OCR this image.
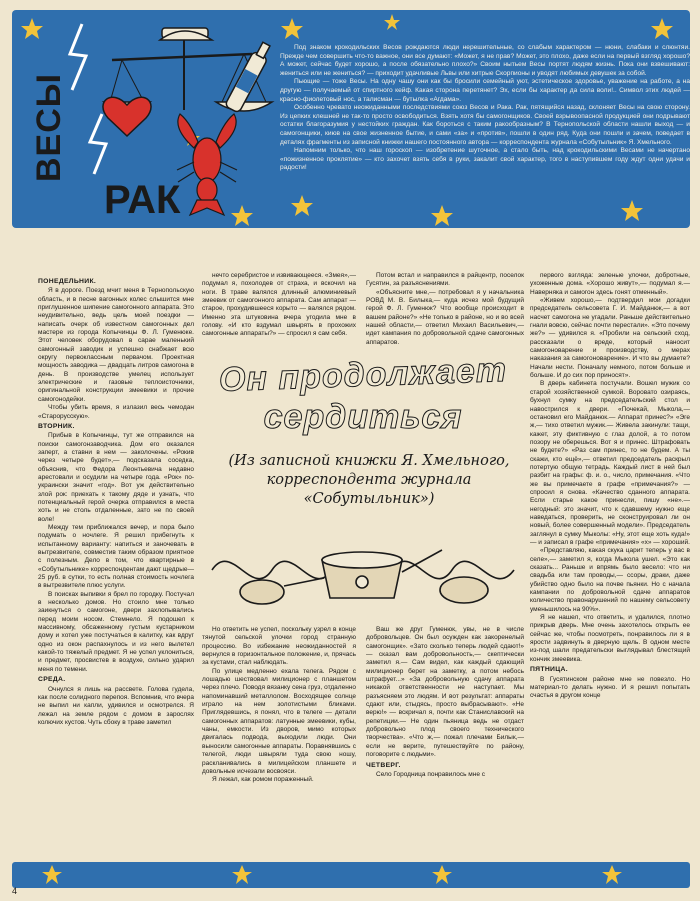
ВЕСЫ
РАК

Под знаком крокодильских Весов рождаются люди нерешительные, со слабым характером — нюни, слабаки и слюнтяи. Прежде чем совершить что-то важное, они все думают: «Может, я не прав? Может, это плохо, даже если на первый взгляд хорошо? А может, сейчас будет хорошо, а после обязательно плохо?» Своим нытьем Весы портят людям жизнь. Пока они взвешивают: жениться или не жениться? — приходит удачливые Львы или хитрые Скорпионы и уводят любимых девушек за собой.

Пьющие — тоже Весы. На одну чашу они как бы бросили семейный уют, эстетическое здоровье, уважение на работе, а на другую — получаемый от спиртного кейф. Какая сторона перетянет? Эх, если бы характер да сила воли!.. Символ этих людей — красно-фиолетовый нос, а талисман — бутылка «Агдама».

Особенно чревато неожиданными последствиями союз Весов и Рака. Рак, пятящийся назад, склоняет Весы на свою сторону. Из цепких клешней не так-то просто освободиться. Взять хотя бы самогонщиков. Своей взрывоопасной продукцией они подрывают остатки благоразумия у нестойких граждан. Как бороться с таким ракообразным? В Тернопольской области нашли выход — и самогонщики, киюв на свое жизненное бытие, и сами «за» и «против», пошли в один ряд. Куда они пошли и зачем, поведает в деталях фрагменты из записной книжки нашего постоянного автора — корреспондента журнала «Собутыльник» Я. Хмельного.

Напомним только, что наш гороскоп — изобретение шуточное, а стало быть, над крокодильскими Весами не начертано «пожизненное проклятие» — кто захочет взять себя в руки, закалит свой характер, того в наступившем году ждут одни удачи и радости!

ПОНЕДЕЛЬНИК.

Я в дороге. Поезд мчит меня в Тернопольскую область, и в песне вагонных колес слышится мне приглушенное шипение самогонного аппарата. Это неудивительно, ведь цель моей поездки — написать очерк об известном самогонных дел мастере из города Копычинцы Ф. Л. Гуменюке. Этот человек оборудовал в сарае маленький самогонный заводик и успешно снабжает всю округу первоклассным первачом. Проектная мощность заводика — двадцать литров самогона в день. В производстве умелец использует электрические и газовые теплоисточники, оригинальной конструкции змеевики и прочие самогонодейки.

Чтобы убить время, я излазил весь чемодан «Старорусскую».

ВТОРНИК.

Прибыв в Копычинцы, тут же отправился на поиски самогонзаводчика. Дом его оказался заперт, а ставни в нем — заколочены. «Рокив через четыре будет»,— подсказала соседка, объяснив, что Федора Леонтьевича недавно арестовали и осудили на четыре года. «Рок» по-украински значит «год». Вот уж действительно злой рок: приехать к такому дяде и узнать, что потенциальный герой очерка отправился в места хоть и не столь отдаленные, зато не по своей воле!

Между тем приближался вечер, и пора было подумать о ночлеге. Я решил прибегнуть к испытанному варианту: напиться и заночевать в вытрезвителе, совместив таким образом приятное с полезным. Дело в том, что квартирные в «Собутыльнике» корреспондентам дают щедрые—25 руб. в сутки, то есть полная стоимость ночлега в вытрезвителе плюс услуги.

В поисках выпивки я брел по городку. Постучал в несколько домов. Но стоило мне только заикнуться о самогоне, двери захлопывались перед моим носом. Стемнело. Я подошел к массивному, обсаженному густым кустарником дому и хотел уже постучаться в калитку, как вдруг одно из окон распахнулось и из него вылетел какой-то тяжелый предмет. Я не успел уклониться, и предмет, просвистев в воздухе, сильно ударил меня по темени.

СРЕДА.

Очнулся я лишь на рассвете. Голова гудела, как после солидного перепоя. Вспомнив, что вчера не выпил ни капли, удивился и осмотрелся. Я лежал на земле рядом с домом в зарослях колючих кустов. Чуть сбоку в траве заметил

нечто серебристое и извивающееся. «Змея»,— подумал я, похолодев от страха, и вскочил на ноги. В траве валялся длинный алюминиевый змеевик от самогонного аппарата. Сам аппарат — старое, прохудившееся корыто — валялся рядом. Именно эта штуковина вчера угодила мне в голову. «И кто вздумал швырять в прохожих самогонные аппараты?» — спросил я сам себя.

Потом встал и направился в райцентр, поселок Гусятин, за разъяснениями.

«Объясните мне,— потребовал я у начальника РОВД М. В. Билыка,— куда исчез мой будущий герой Ф. Л. Гуменюк? Что вообще происходит в вашем районе?» «Не только в районе, но и во всей нашей области,— ответил Михаил Васильевич,— идет кампания по добровольной сдаче самогонных аппаратов.

первого взгляда: зеленые улочки, добротные, ухоженные дома. «Хорошо живут»,— подумал я.— Наверняка и самогон здесь гонят отменный».

«Живем хорошо,— подтвердил мои догадки председатель сельсовета Г. И. Майданюк,— а вот насчет самогона не угадали. Раньше действительно гнали вовсю, сейчас почти перестали». «Это почему же?» — удивился я. «Пробили на сельский сход, рассказали о вреде, который наносит самогоноварение и производству, о мерах наказания за самогоноварение». И что вы думаете? Начали нести. Поначалу немного, потом больше и больше. И до сих пор приносят».

В дверь кабинета постучали. Вошел мужик со старой хозяйственной сумкой. Воровато озираясь, бухнул сумку на председательский стол и навострился к двери. «Почекай, Мыкола,— остановил его Майданюк.— Аппарат принес?» «Эге ж,— тихо ответил мужик.— Живела закинули: тащи, кажет, эту фиктивную с глаз долой, а то потом позору не оберешься. Вот я и принес. Штрафовать не будете?» «Раз сам принес, то не будем. А ты скажи, кто ещё»,— ответил председатель раскрыл потертую общую тетрадь. Каждый лист в ней был разбит на графы: ф. и. о., число, примечания. «Что же вы примечаете в графе «примечания?» — спросил я снова. «Качество сданного аппарата. Если старье какое принесли, пишу «не».— негодный: это значит, что к сдавшему нужно еще наведаться, проверить, не сконструировал ли он новый, более совершенный модели». Председатель заглянул в сумку Мыколы: «Ну, этот еще хоть куда!» — и записал в графе «примечания» «х» — хороший.

«Представляю, какая скука царит теперь у вас в селе»,— заметил я, когда Мыкола ушел. «Это как сказать... Раньше и впрямь было весело: что ни свадьба или там проводы,— ссоры, драки, даже убийство одно было на почве пьянки. Но с начала кампании по добровольной сдаче аппаратов количество правонарушений по нашему сельсовету уменьшилось на 90%».

Я не нашел, что ответить, и удалился, плотно прикрыв дверь. Мне очень захотелось открыть ее сейчас же, чтобы посмотреть, понравилось ли я в ярости задвинуть в дверную щель. В одном месте из-под шали предательски выглядывал блестящий кончик змеевика.

ПЯТНИЦА.

В Гусятинском районе мне не повезло. Но материал-то делать нужно. И я решил попытать счастья в другом конце

Он продолжает
сердиться
(Из записной книжки Я. Хмельного, корреспондента журнала «Собутыльник»)

Но ответить не успел, поскольку узрел в конце тянутой сельской улочки город странную процессию. Во избежание неожиданностей я вернулся в горизонтальное положение, и, прячась за кустами, стал наблюдать.

По улице медленно ехала телега. Рядом с лошадью шествовал милиционер с планшетом через плечо. Поводя вязанку сена груз, отдаленно напоминавший металлолом. Восходящее солнце играло на нем золотистыми бликами. Приглядевшись, я понял, что в телеге — детали самогонных аппаратов: латунные змеевики, кубы, чаны, емкости. Из дворов, мимо которых двигалась подвода, выходили люди. Они выносили самогонные аппараты. Поравнявшись с телегой, люди швыряли туда свою ношу, раскланивались в милицейском планшете и довольные исчезали восвояси.

Я лежал, как ромом пораженный.

Ваш же друг Гуменюк, увы, не в числе добровольцев. Он был осужден как закоренелый самогонщик». «Зато сколько теперь людей сдают!» — сказал вам добровольность,— скептически заметил я.— Сам видел, как каждый сдающий милиционер берет на заметку, а потом небось штрафует...» «За добровольную сдачу аппарата никакой ответственности не наступает. Мы разъясняем это людям. И вот результат: аппараты сдают или, стыдясь, просто выбрасывают». «Не верю!» — вскричал я, почти как Станиславский на репетиции.— Не один пьяница ведь не отдаст добровольно плод своего технического творчества». «Что ж,— пожал плечами Билык,— если не верите, путешествуйте по району, поговорите с людьми».

ЧЕТВЕРГ.

Село Городница понравилось мне с

4
